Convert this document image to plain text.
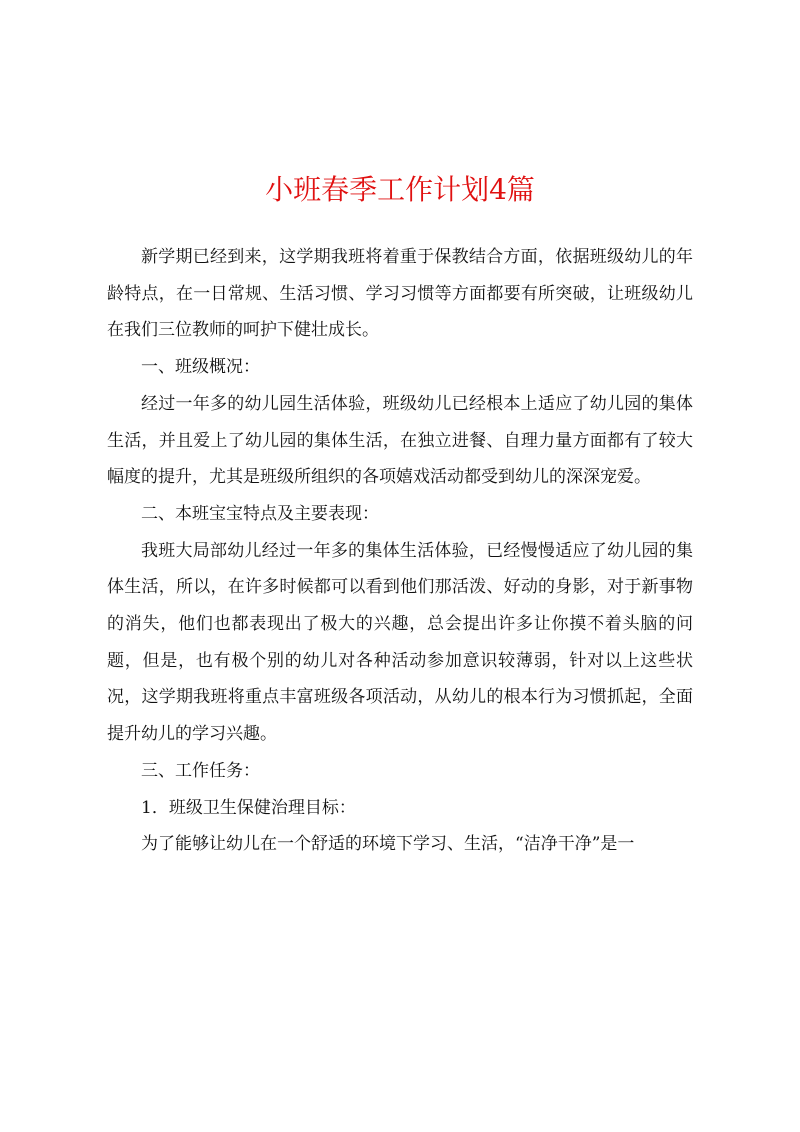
小班春季工作计划4篇

新学期已经到来，这学期我班将着重于保教结合方面，依据班级幼儿的年龄特点，在一日常规、生活习惯、学习习惯等方面都要有所突破，让班级幼儿在我们三位教师的呵护下健壮成长。

一、班级概况：

经过一年多的幼儿园生活体验，班级幼儿已经根本上适应了幼儿园的集体生活，并且爱上了幼儿园的集体生活，在独立进餐、自理力量方面都有了较大幅度的提升，尤其是班级所组织的各项嬉戏活动都受到幼儿的深深宠爱。

二、本班宝宝特点及主要表现：

我班大局部幼儿经过一年多的集体生活体验，已经慢慢适应了幼儿园的集体生活，所以，在许多时候都可以看到他们那活泼、好动的身影，对于新事物的消失，他们也都表现出了极大的兴趣，总会提出许多让你摸不着头脑的问题，但是，也有极个别的幼儿对各种活动参加意识较薄弱，针对以上这些状况，这学期我班将重点丰富班级各项活动，从幼儿的根本行为习惯抓起，全面提升幼儿的学习兴趣。

三、工作任务：

1．班级卫生保健治理目标：

为了能够让幼儿在一个舒适的环境下学习、生活，“洁净干净”是一
